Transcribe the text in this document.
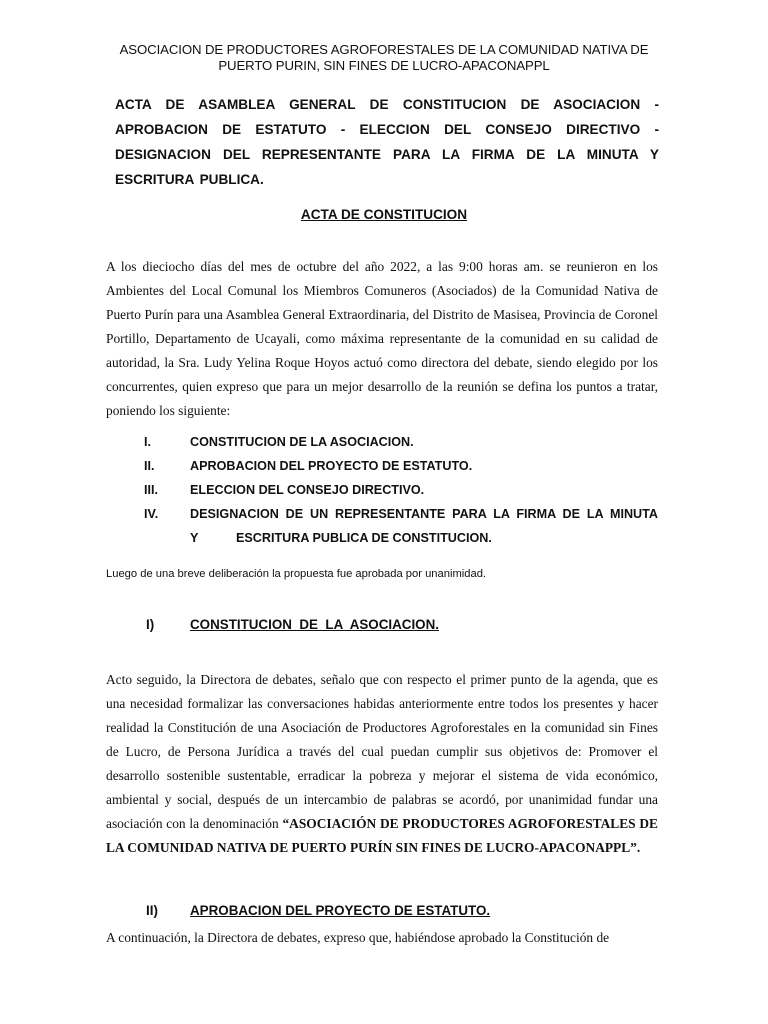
ASOCIACION DE PRODUCTORES AGROFORESTALES DE LA COMUNIDAD NATIVA DE PUERTO PURIN, SIN FINES DE LUCRO-APACONAPPL
ACTA DE ASAMBLEA GENERAL DE CONSTITUCION DE ASOCIACION - APROBACION DE ESTATUTO - ELECCION DEL CONSEJO DIRECTIVO - DESIGNACION DEL REPRESENTANTE PARA LA FIRMA DE LA MINUTA Y ESCRITURA PUBLICA.
ACTA DE CONSTITUCION
A los dieciocho días del mes de octubre del año 2022, a las 9:00 horas am. se reunieron en los Ambientes del Local Comunal los Miembros Comuneros (Asociados) de la Comunidad Nativa de Puerto Purín para una Asamblea General Extraordinaria, del Distrito de Masisea, Provincia de Coronel Portillo, Departamento de Ucayali, como máxima representante de la comunidad en su calidad de autoridad, la Sra. Ludy Yelina Roque Hoyos actuó como directora del debate, siendo elegido por los concurrentes, quien expreso que para un mejor desarrollo de la reunión se defina los puntos a tratar, poniendo los siguiente:
I.	CONSTITUCION DE LA ASOCIACION.
II.	APROBACION DEL PROYECTO DE ESTATUTO.
III.	ELECCION DEL CONSEJO DIRECTIVO.
IV.	DESIGNACION DE UN REPRESENTANTE PARA LA FIRMA DE LA MINUTA
Y	ESCRITURA PUBLICA DE CONSTITUCION.
Luego de una breve deliberación la propuesta fue aprobada por unanimidad.
I)	CONSTITUCION  DE  LA  ASOCIACION.
Acto seguido, la Directora de debates, señalo que con respecto el primer punto de la agenda, que es una necesidad formalizar las conversaciones habidas anteriormente entre todos los presentes y hacer realidad la Constitución de una Asociación de Productores Agroforestales en la comunidad sin Fines de Lucro, de Persona Jurídica a través del cual puedan cumplir sus objetivos de: Promover el desarrollo sostenible sustentable, erradicar la pobreza y mejorar el sistema de vida económico, ambiental y social, después de un intercambio de palabras se acordó, por unanimidad fundar una asociación con la denominación “ASOCIACIÓN DE PRODUCTORES AGROFORESTALES DE LA COMUNIDAD NATIVA DE PUERTO PURÍN SIN FINES DE LUCRO-APACONAPPL”.
II) APROBACION DEL PROYECTO DE ESTATUTO.
A continuación, la Directora de debates, expreso que, habiéndose aprobado la Constitución de
